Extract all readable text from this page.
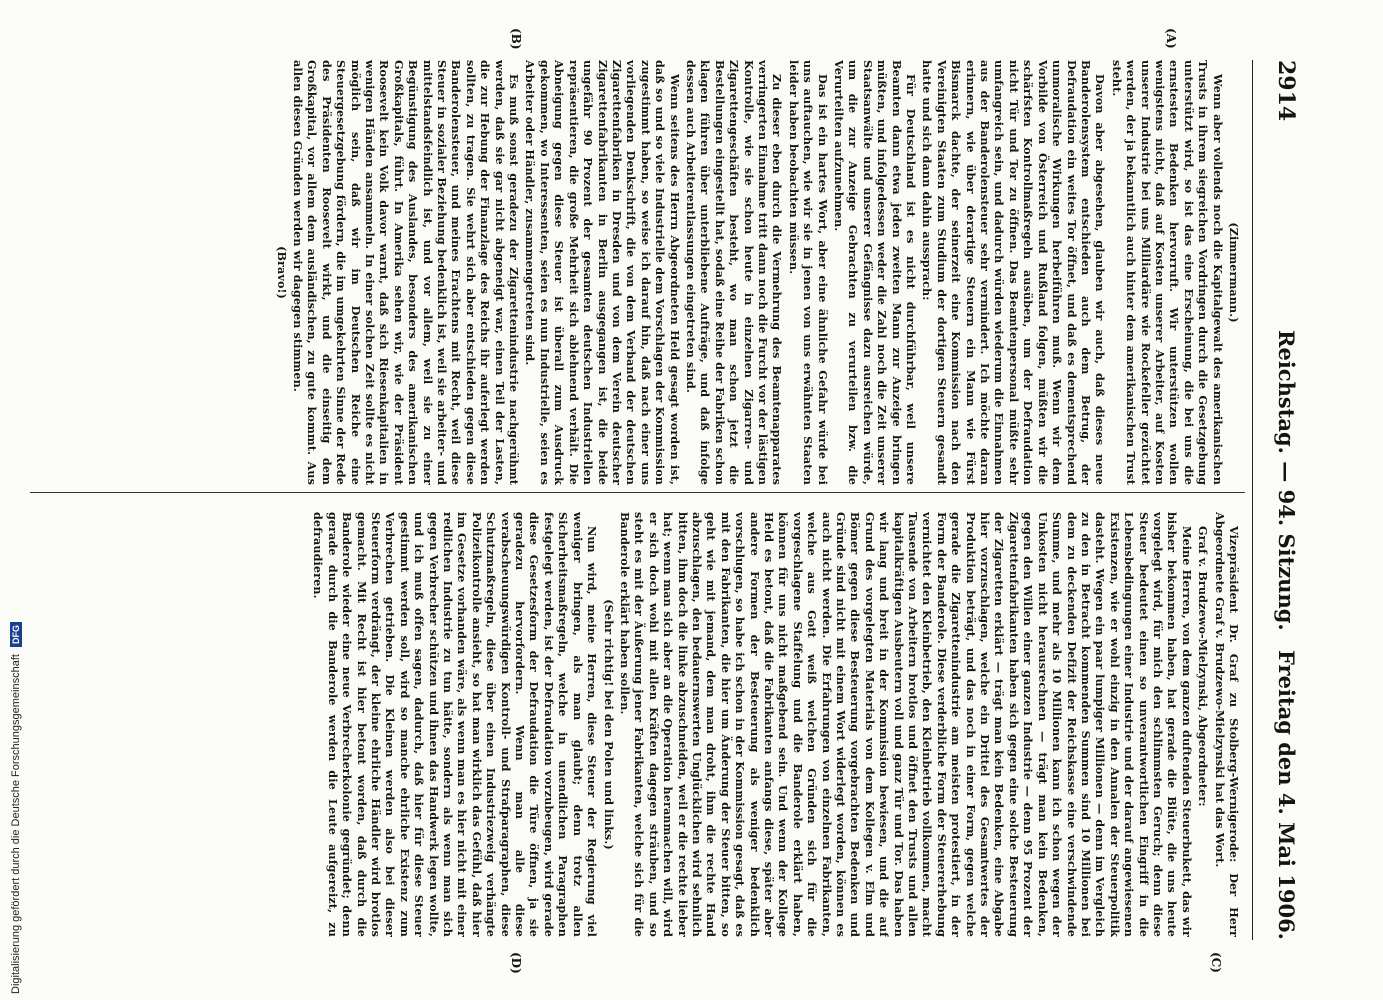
2914
Reichstag. — 94. Sitzung.
Freitag den 4. Mai 1906.
(A)
(B)
(C)
(D)

(Zimmermann.)

Wenn aber vollends noch die Kapitalgewalt des amerikanischen Trusts in ihrem siegreichen Vordringen durch die Gesetzgebung unterstützt wird, so ist das eine Erscheinung, die bei uns die ernstesten Bedenken hervorruft. Wir unterstützen wollen wenigstens nicht, daß auf Kosten unserer Arbeiter, auf Kosten unserer Industrie bei uns Milliardäre wie Rockefeller gezüchtet werden, der ja bekanntlich auch hinter dem amerikanischen Trust steht.

Davon aber abgesehen, glauben wir auch, daß dieses neue Banderolensystem entschieden auch dem Betrug, der Defraudation ein weites Tor öffnet, und daß es dementsprechend unmoralische Wirkungen herbeiführen muß. Wenn wir dem Vorbilde von Österreich und Rußland folgen, müßten wir die schärfsten Kontrollmaßregeln ausüben, um der Defraudation nicht Tür und Tor zu öffnen. Das Beamtenpersonal müßte sehr umfangreich sein, und dadurch würden wiederum die Einnahmen aus der Banderolensteuer sehr vermindert. Ich möchte daran erinnern, wie über derartige Steuern ein Mann wie Fürst Bismarck dachte, der seinerzeit eine Kommission nach den Vereinigten Staaten zum Studium der dortigen Steuern gesandt hatte und sich dann dahin aussprach:

Für Deutschland ist es nicht durchführbar, weil unsere Beamten dann etwa jeden zweiten Mann zur Anzeige bringen müßten, und infolgedessen weder die Zahl noch die Zeit unserer Staatsanwälte und unserer Gefängnisse dazu ausreichen würde, um die zur Anzeige Gebrachten zu verurteilen bzw. die Verurteilten aufzunehmen.

Das ist ein hartes Wort, aber eine ähnliche Gefahr würde bei uns auftauchen, wie wir sie in jenen von uns erwähnten Staaten leider haben beobachten müssen.

Zu dieser eben durch die Vermehrung des Beamtenapparates verringerten Einnahme tritt dann noch die Furcht vor der lästigen Kontrolle, wie sie schon heute in einzelnen Zigarren- und Zigarettengeschäften besteht, wo man schon jetzt die Bestellungen eingestellt hat, sodaß eine Reihe der Fabriken schon klagen führen über unterbliebene Aufträge, und daß infolge dessen auch Arbeiterentlassungen eingetreten sind.

Wenn seitens des Herrn Abgeordneten Held gesagt worden ist, daß so und so viele Industrielle dem Vorschlagen der Kommission zugestimmt haben, so weise ich darauf hin, daß nach einer uns vorliegenden Denkschrift, die von dem Verband der deutschen Zigarettenfabriken in Dresden und von dem Verein deutscher Zigarettenfabrikanten in Berlin ausgegangen ist, die beide ungefähr 90 Prozent der gesamten deutschen Industriellen repräsentieren, die große Mehrheit sich ablehnend verhält. Die Abneigung gegen diese Steuer ist überall zum Ausdruck gekommen, wo Interessenten, seien es nun Industrielle, seien es Arbeiter oder Händler, zusammengetreten sind.

Es muß sonst geradezu der Zigarettenindustrie nachgerühmt werden, daß sie gar nicht abgeneigt war, einen Teil der Lasten, die zur Hebung der Finanzlage des Reichs ihr auferlegt werden sollten, zu tragen. Sie wehrt sich aber entschieden gegen diese Banderolensteuer, und meines Erachtens mit Recht, weil diese Steuer in sozialer Beziehung bedenklich ist, weil sie arbeiter- und mittelstandsfeindlich ist, und vor allem, weil sie zu einer Begünstigung des Auslandes, besonders des amerikanischen Großkapitals, führt. In Amerika sehen wir, wie der Präsident Roosevelt kein Volk davor warnt, daß sich Riesenkapitalien in wenigen Händen ansammeln. In einer solchen Zeit sollte es nicht möglich sein, daß wir im Deutschen Reiche eine Steuergesetzgebung fördern, die im umgekehrten Sinne der Rede des Präsidenten Roosevelt wirkt, und die einseitig dem Großkapital, vor allem dem ausländischen, zu gute kommt. Aus allen diesen Gründen werden wir dagegen stimmen.

(Bravo!)

Vizepräsident Dr. Graf zu Stolberg-Wernigerode: Der Herr Abgeordnete Graf v. Brudzewo-Mielzynski hat das Wort.

Graf v. Brudzewo-Mielzynski, Abgeordneter:

Meine Herren, von dem ganzen duftenden Steuerbukett, das wir bisher bekommen haben, hat gerade die Blüte, die uns heute vorgelegt wird, für mich den schlimmsten Geruch; denn diese Steuer bedeutet einen so unverantwortlichen Eingriff in die Lebensbedingungen einer Industrie und der darauf angewiesenen Existenzen, wie er wohl einzig in den Annalen der Steuerpolitik dasteht. Wegen ein paar lumpiger Millionen — denn im Vergleich zu den in Betracht kommenden Summen sind 10 Millionen bei dem zu deckenden Defizit der Reichskasse eine verschwindende Summe, und mehr als 10 Millionen kann ich schon wegen der Unkosten nicht herausrechnen — trägt man kein Bedenken, gegen den Willen einer ganzen Industrie — denn 95 Prozent der Zigarettenfabrikanten haben sich gegen eine solche Besteuerung der Zigaretten erklärt — trägt man kein Bedenken, eine Abgabe hier vorzuschlagen, welche ein Drittel des Gesamtwertes der Produktion beträgt, und das noch in einer Form, gegen welche gerade die Zigarettenindustrie am meisten protestiert, in der Form der Banderole. Diese verderbliche Form der Steuererhebung vernichtet den Kleinbetrieb, den Kleinbetrieb vollkommen, macht Tausende von Arbeitern brotlos und öffnet den Trusts und allen kapitalkräftigen Ausbeutern voll und ganz Tür und Tor. Das haben wir lang und breit in der Kommission bewiesen, und die auf Grund des vorgelegten Materials von dem Kollegen v. Elm und Bömer gegen diese Besteuerung vorgebrachten Bedenken und Gründe sind nicht mit einem Wort widerlegt worden, können es auch nicht werden. Die Erfahrungen von einzelnen Fabrikanten, welche aus Gott weiß welchen Gründen sich für die vorgeschlagene Staffelung und die Banderole erklärt haben, können für uns nicht maßgebend sein. Und wenn der Kollege Held es betont, daß die Fabrikanten anfangs diese, später aber andere Formen der Besteuerung als weniger bedenklich vorschlugen, so habe ich schon in der Kommission gesagt, daß es mit den Fabrikanten, die hier um Änderung der Steuer bitten, so geht wie mit jemand, dem man droht, ihm die rechte Hand abzuschlagen, den bedauernswerten Unglücklichen wird sehnlich bitten, ihm doch die linke abzuschneiden, weil er die rechte lieber hat; wenn man sich aber an die Operation heranmachen will, wird er sich doch wohl mit allen Kräften dagegen sträuben, und so steht es mit der Äußerung jener Fabrikanten, welche sich für die Banderole erklärt haben sollen.

(Sehr richtig! bei den Polen und links.)

Nun wird, meine Herren, diese Steuer der Regierung viel weniger bringen, als man glaubt; denn trotz allen Sicherheitsmaßregeln, welche in unendlichen Paragraphen festgelegt werden, ist der Defraudation vorzubeugen, wird gerade diese Gesetzesform der Defraudation die Türe öffnen, ja sie geradezu hervorfordern. Wenn man alle diese verabscheuungswürdigen Kontroll- und Strafparagraphen, diese Schutzmaßregeln, diese über einen Industriezweig verhängte Polizeikontrolle ansieht, so hat man wirklich das Gefühl, daß hier im Gesetze vorhanden wäre, als wenn man es hier nicht mit einer redlichen Industrie zu tun hätte, sondern als wenn man sich gegen Verbrecher schützen und ihnen das Handwerk legen wollte, und ich muß offen sagen, dadurch, daß hier für diese Steuer gestimmt werden soll, wird so manche ehrliche Existenz zum Verbrechen getrieben. Die Kleinen werden also bei dieser Steuerform verdrängt, der kleine ehrliche Händler wird brotlos gemacht. Mit Recht ist hier betont worden, daß durch die Banderole wieder eine neue Verbrecherkolonie gegründet; denn gerade durch die Banderole werden die Leute aufgereizt, zu defraudieren.

Digitalisierung gefördert durch die Deutsche Forschungsgemeinschaft DFG
